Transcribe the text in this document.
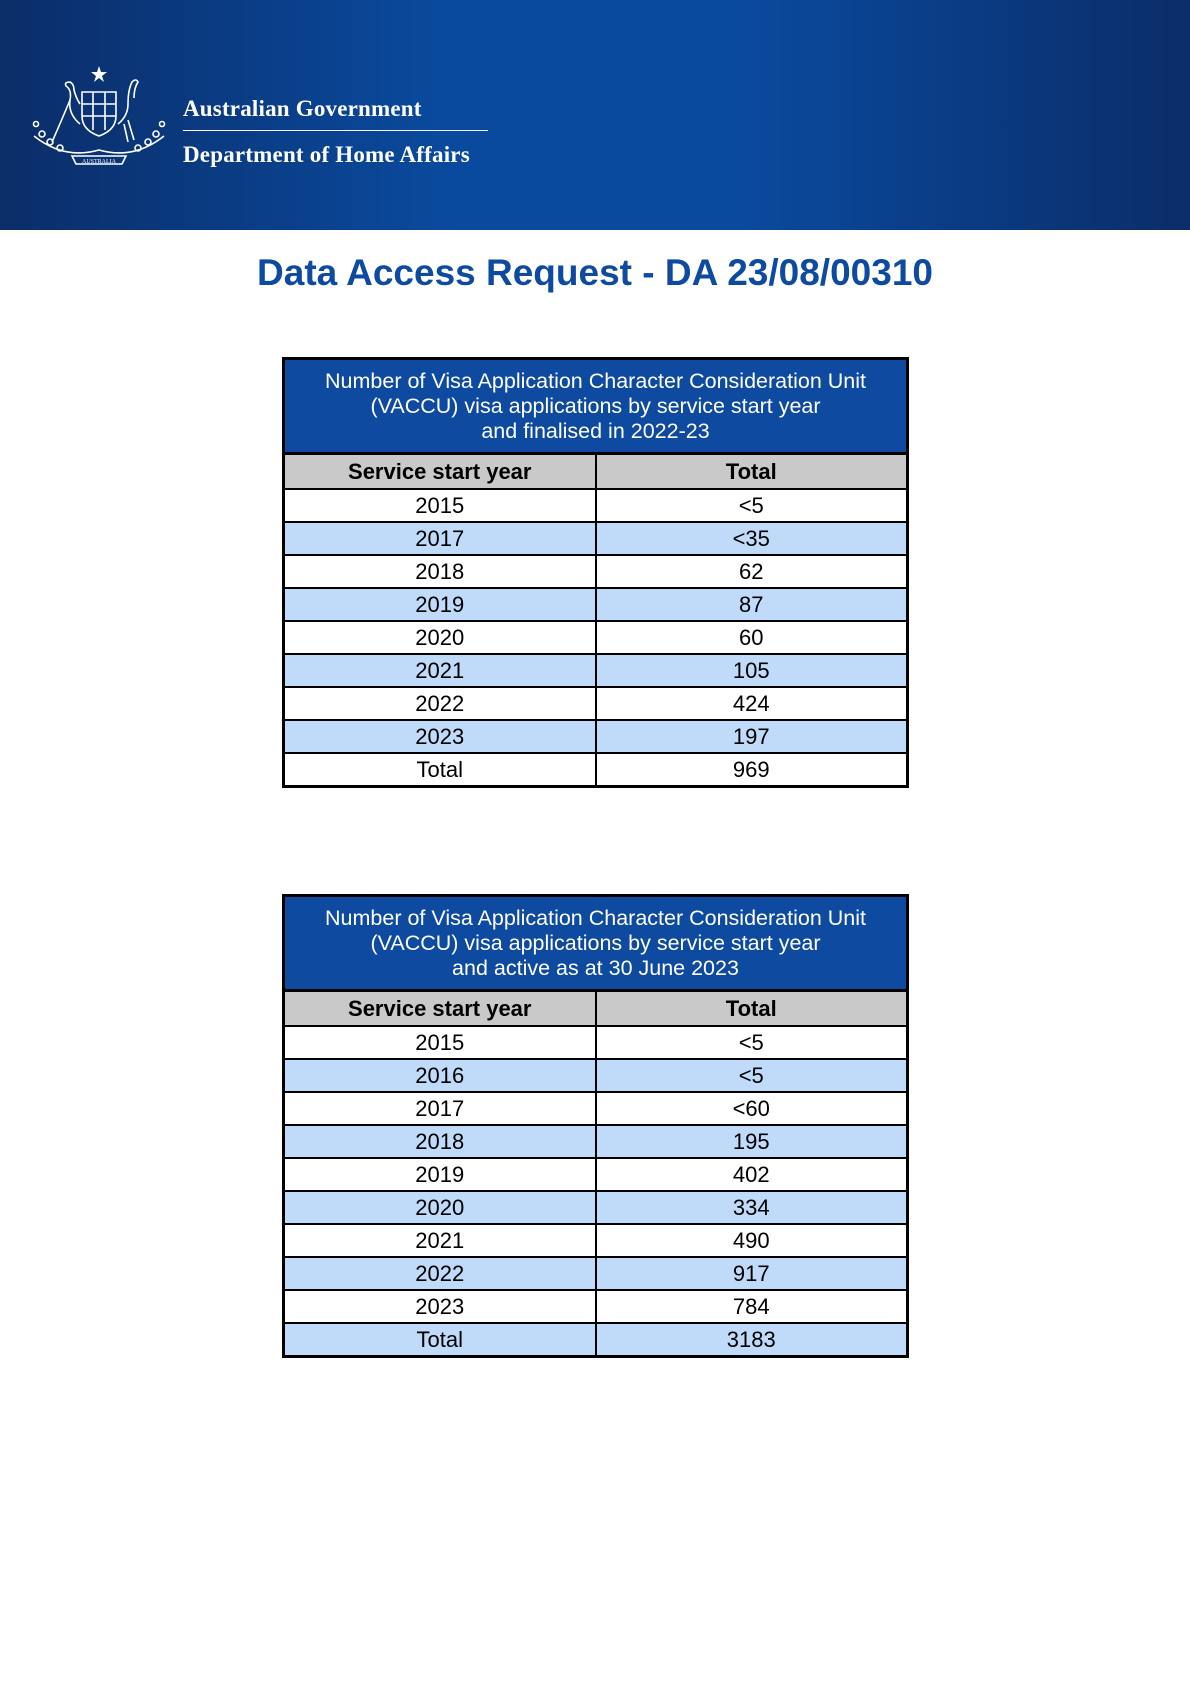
AUSTRALIA
Australian Government
Department of Home Affairs
Data Access Request - DA 23/08/00310
Number of Visa Application Character Consideration Unit
(VACCU) visa applications by service start year
and finalised in 2022-23	

Service start year	Total
2015	<5
2017	<35
2018	62
2019	87
2020	60
2021	105
2022	424
2023	197
Total	969
Number of Visa Application Character Consideration Unit
(VACCU) visa applications by service start year
and active as at 30 June 2023	

Service start year	Total
2015	<5
2016	<5
2017	<60
2018	195
2019	402
2020	334
2021	490
2022	917
2023	784
Total	3183
